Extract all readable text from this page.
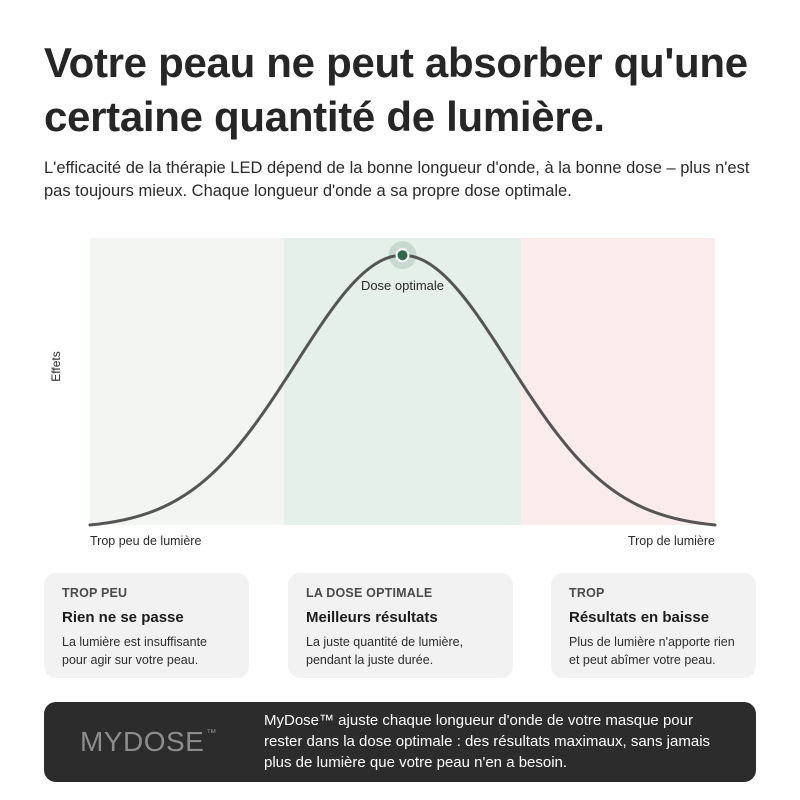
Votre peau ne peut absorber qu'une certaine quantité de lumière.

L'efficacité de la thérapie LED dépend de la bonne longueur d'onde, à la bonne dose – plus n'est pas toujours mieux. Chaque longueur d'onde a sa propre dose optimale.

Dose optimale
Effets
Trop peu de lumière	Trop de lumière
TROP PEU
Rien ne se passe
La lumière est insuffisante pour agir sur votre peau.
LA DOSE OPTIMALE
Meilleurs résultats
La juste quantité de lumière, pendant la juste durée.
TROP
Résultats en baisse
Plus de lumière n'apporte rien et peut abîmer votre peau.
MYDOSE ™
MyDose™ ajuste chaque longueur d'onde de votre masque pour rester dans la dose optimale : des résultats maximaux, sans jamais plus de lumière que votre peau n'en a besoin.
